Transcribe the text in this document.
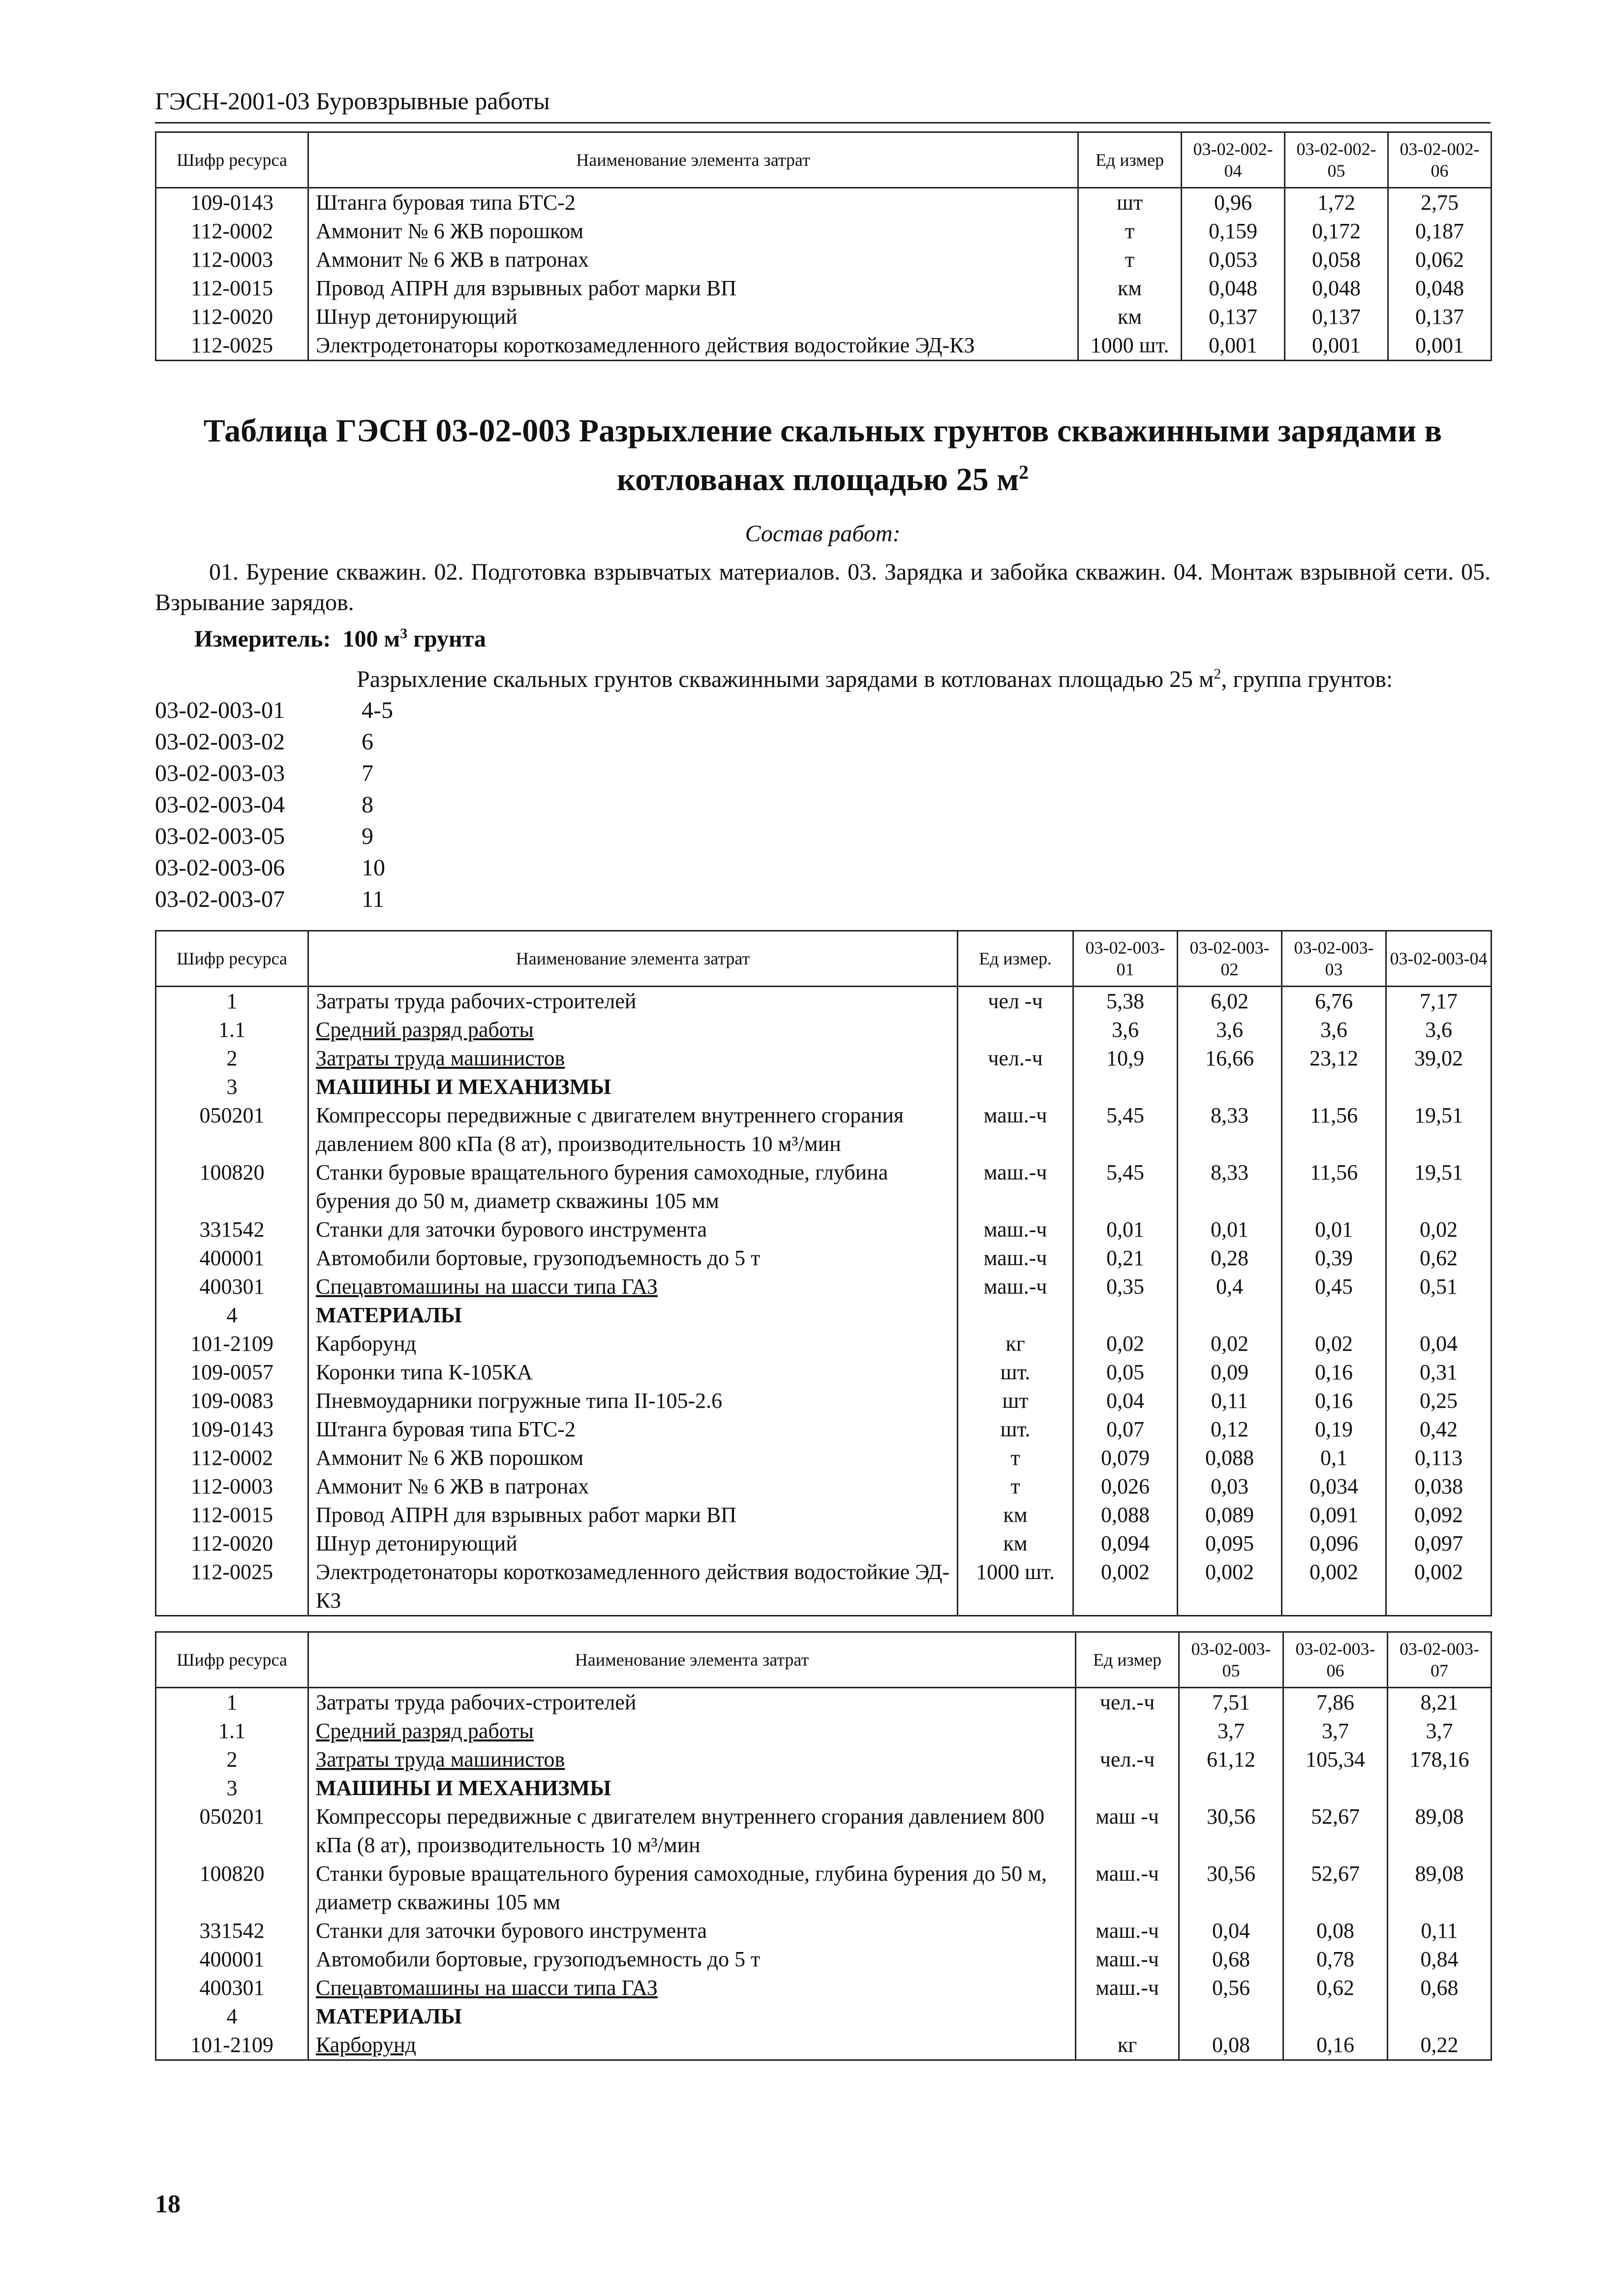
ГЭСН-2001-03 Буровзрывные работы
Шифр ресурса	Наименование элемента затрат	Ед измер	03-02-002-04	03-02-002-05	03-02-002-06
109-0143	Штанга буровая типа БТС-2	шт	0,96	1,72	2,75
112-0002	Аммонит № 6 ЖВ порошком	т	0,159	0,172	0,187
112-0003	Аммонит № 6 ЖВ в патронах	т	0,053	0,058	0,062
112-0015	Провод АПРН для взрывных работ марки ВП	км	0,048	0,048	0,048
112-0020	Шнур детонирующий	км	0,137	0,137	0,137
112-0025	Электродетонаторы короткозамедленного действия водостойкие ЭД-КЗ	1000 шт.	0,001	0,001	0,001
Таблица ГЭСН 03-02-003 Разрыхление скальных грунтов скважинными зарядами в
котлованах площадью 25 $м^2$
Состав работ:
01. Бурение скважин. 02. Подготовка взрывчатых материалов. 03. Зарядка и забойка скважин. 04. Монтаж взрывной сети. 05. Взрывание зарядов.
Измеритель: 100 $м^3$ грунта
Разрыхление скальных грунтов скважинными зарядами в котлованах площадью 25 $м^2$, группа грунтов:
03-02-003-01	4-5
03-02-003-02	6
03-02-003-03	7
03-02-003-04	8
03-02-003-05	9
03-02-003-06	10
03-02-003-07	11
Шифр ресурса	Наименование элемента затрат	Ед измер.	03-02-003-01	03-02-003-02	03-02-003-03	03-02-003-04
1	Затраты труда рабочих-строителей	чел -ч	5,38	6,02	6,76	7,17
1.1	Средний разряд работы		3,6	3,6	3,6	3,6
2	Затраты труда машинистов	чел.-ч	10,9	16,66	23,12	39,02
3	МАШИНЫ И МЕХАНИЗМЫ					
050201	Компрессоры передвижные с двигателем внутреннего сгорания давлением 800 кПа (8 ат), производительность 10 м³/мин	маш.-ч	5,45	8,33	11,56	19,51
100820	Станки буровые вращательного бурения самоходные, глубина бурения до 50 м, диаметр скважины 105 мм	маш.-ч	5,45	8,33	11,56	19,51
331542	Станки для заточки бурового инструмента	маш.-ч	0,01	0,01	0,01	0,02
400001	Автомобили бортовые, грузоподъемность до 5 т	маш.-ч	0,21	0,28	0,39	0,62
400301	Спецавтомашины на шасси типа ГАЗ	маш.-ч	0,35	0,4	0,45	0,51
4	МАТЕРИАЛЫ					
101-2109	Карборунд	кг	0,02	0,02	0,02	0,04
109-0057	Коронки типа К-105КА	шт.	0,05	0,09	0,16	0,31
109-0083	Пневмоударники погружные типа II-105-2.6	шт	0,04	0,11	0,16	0,25
109-0143	Штанга буровая типа БТС-2	шт.	0,07	0,12	0,19	0,42
112-0002	Аммонит № 6 ЖВ порошком	т	0,079	0,088	0,1	0,113
112-0003	Аммонит № 6 ЖВ в патронах	т	0,026	0,03	0,034	0,038
112-0015	Провод АПРН для взрывных работ марки ВП	км	0,088	0,089	0,091	0,092
112-0020	Шнур детонирующий	км	0,094	0,095	0,096	0,097
112-0025	Электродетонаторы короткозамедленного действия водостойкие ЭД-КЗ	1000 шт.	0,002	0,002	0,002	0,002
Шифр ресурса	Наименование элемента затрат	Ед измер	03-02-003-05	03-02-003-06	03-02-003-07
1	Затраты труда рабочих-строителей	чел.-ч	7,51	7,86	8,21
1.1	Средний разряд работы		3,7	3,7	3,7
2	Затраты труда машинистов	чел.-ч	61,12	105,34	178,16
3	МАШИНЫ И МЕХАНИЗМЫ				
050201	Компрессоры передвижные с двигателем внутреннего сгорания давлением 800 кПа (8 ат), производительность 10 м³/мин	маш -ч	30,56	52,67	89,08
100820	Станки буровые вращательного бурения самоходные, глубина бурения до 50 м, диаметр скважины 105 мм	маш.-ч	30,56	52,67	89,08
331542	Станки для заточки бурового инструмента	маш.-ч	0,04	0,08	0,11
400001	Автомобили бортовые, грузоподъемность до 5 т	маш.-ч	0,68	0,78	0,84
400301	Спецавтомашины на шасси типа ГАЗ	маш.-ч	0,56	0,62	0,68
4	МАТЕРИАЛЫ				
101-2109	Карборунд	кг	0,08	0,16	0,22
18
